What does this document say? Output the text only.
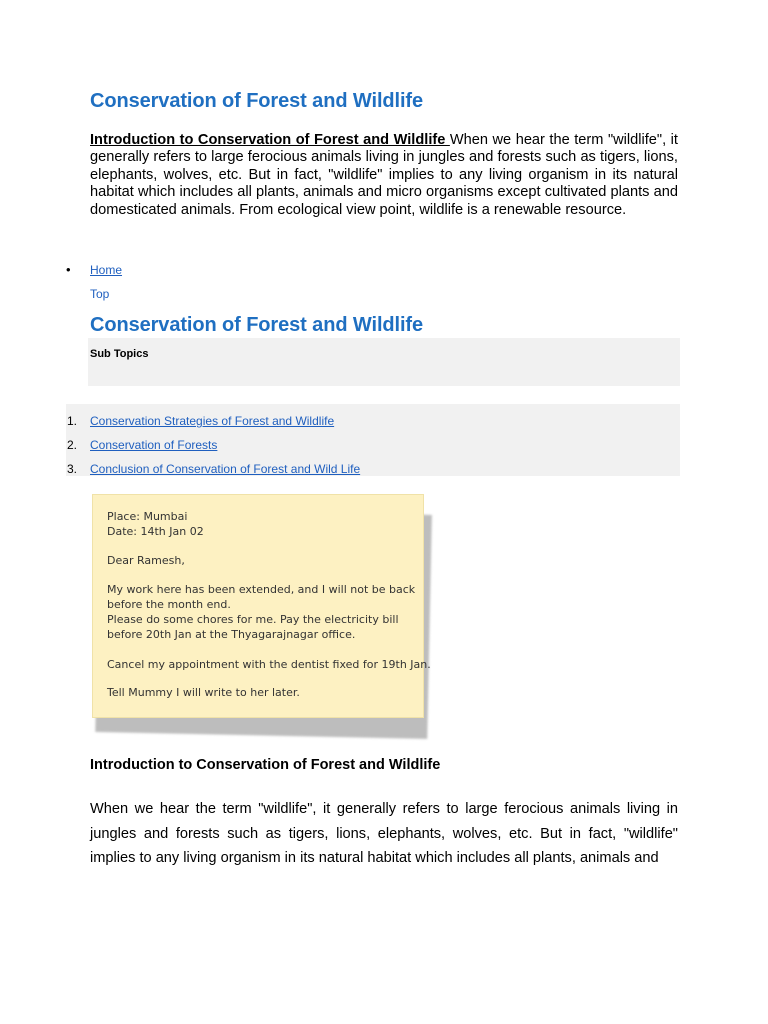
Conservation of Forest and Wildlife
Introduction to Conservation of Forest and Wildlife When we hear the term "wildlife", it generally refers to large ferocious animals living in jungles and forests such as tigers, lions, elephants, wolves, etc. But in fact, "wildlife" implies to any living organism in its natural habitat which includes all plants, animals and micro organisms except cultivated plants and domesticated animals. From ecological view point, wildlife is a renewable resource.
• Home
Top
Conservation of Forest and Wildlife
Sub Topics
1. Conservation Strategies of Forest and Wildlife
2. Conservation of Forests
3. Conclusion of Conservation of Forest and Wild Life
Place: Mumbai
Date: 14th Jan 02
Dear Ramesh,
My work here has been extended, and I will not be back
before the month end.
Please do some chores for me. Pay the electricity bill
before 20th Jan at the Thyagarajnagar office.
Cancel my appointment with the dentist fixed for 19th Jan.
Tell Mummy I will write to her later.
Introduction to Conservation of Forest and Wildlife
When we hear the term "wildlife", it generally refers to large ferocious animals living in jungles and forests such as tigers, lions, elephants, wolves, etc. But in fact, "wildlife" implies to any living organism in its natural habitat which includes all plants, animals and
